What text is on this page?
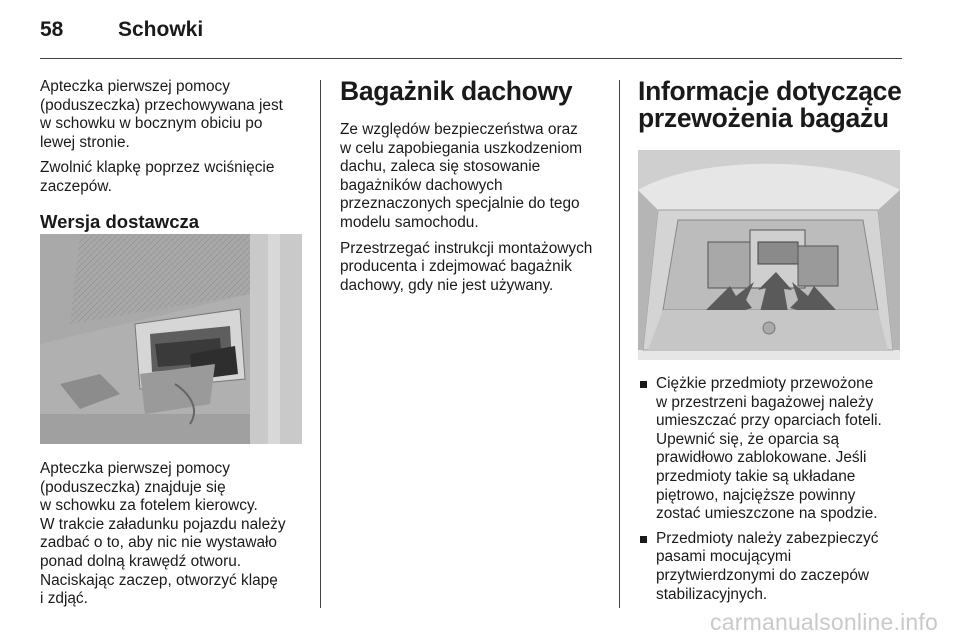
58	Schowki

Apteczka pierwszej pomocy
(poduszeczka) przechowywana jest
w schowku w bocznym obiciu po
lewej stronie.

Zwolnić klapkę poprzez wciśnięcie
zaczepów.

Wersja dostawcza

Apteczka pierwszej pomocy
(poduszeczka) znajduje się
w schowku za fotelem kierowcy.
W trakcie załadunku pojazdu należy
zadbać o to, aby nic nie wystawało
ponad dolną krawędź otworu.
Naciskając zaczep, otworzyć klapę
i zdjąć.

Bagażnik dachowy

Ze względów bezpieczeństwa oraz
w celu zapobiegania uszkodzeniom
dachu, zaleca się stosowanie
bagażników dachowych
przeznaczonych specjalnie do tego
modelu samochodu.

Przestrzegać instrukcji montażowych
producenta i zdejmować bagażnik
dachowy, gdy nie jest używany.

Informacje dotyczące
przewożenia bagażu
Ciężkie przedmioty przewożone
w przestrzeni bagażowej należy
umieszczać przy oparciach foteli.
Upewnić się, że oparcia są
prawidłowo zablokowane. Jeśli
przedmioty takie są układane
piętrowo, najcięższe powinny
zostać umieszczone na spodzie.
Przedmioty należy zabezpieczyć
pasami mocującymi
przytwierdzonymi do zaczepów
stabilizacyjnych.
carmanualsonline.info
